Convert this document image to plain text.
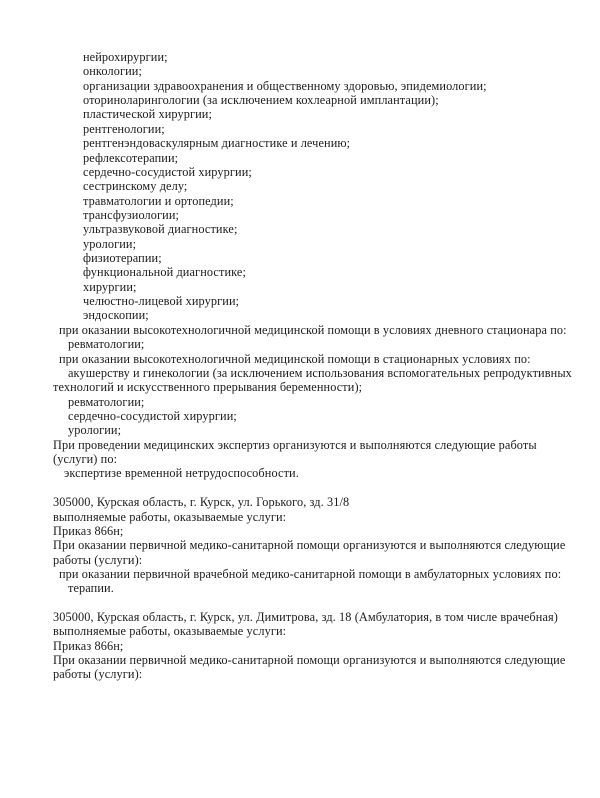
нейрохирургии;
онкологии;
организации здравоохранения и общественному здоровью, эпидемиологии;
оториноларингологии (за исключением кохлеарной имплантации);
пластической хирургии;
рентгенологии;
рентгенэндоваскулярным диагностике и лечению;
рефлексотерапии;
сердечно-сосудистой хирургии;
сестринскому делу;
травматологии и ортопедии;
трансфузиологии;
ультразвуковой диагностике;
урологии;
физиотерапии;
функциональной диагностике;
хирургии;
челюстно-лицевой хирургии;
эндоскопии;
при оказании высокотехнологичной медицинской помощи в условиях дневного стационара по:
ревматологии;
при оказании высокотехнологичной медицинской помощи в стационарных условиях по:
акушерству и гинекологии (за исключением использования вспомогательных репродуктивных
технологий и искусственного прерывания беременности);
ревматологии;
сердечно-сосудистой хирургии;
урологии;
При проведении медицинских экспертиз организуются и выполняются следующие работы
(услуги) по:
экспертизе временной нетрудоспособности.
305000, Курская область, г. Курск, ул. Горького, зд. 31/8
выполняемые работы, оказываемые услуги:
Приказ 866н;
При оказании первичной медико-санитарной помощи организуются и выполняются следующие
работы (услуги):
при оказании первичной врачебной медико-санитарной помощи в амбулаторных условиях по:
терапии.
305000, Курская область, г. Курск, ул. Димитрова, зд. 18 (Амбулатория, в том числе врачебная)
выполняемые работы, оказываемые услуги:
Приказ 866н;
При оказании первичной медико-санитарной помощи организуются и выполняются следующие
работы (услуги):
